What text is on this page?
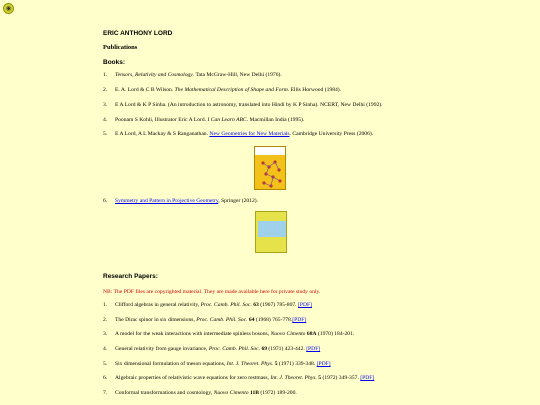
◉
ERIC ANTHONY LORD
Publications
Books:
1. Tensors, Relativity and Cosmology. Tata McGraw-Hill, New Delhi (1976).
2. E. A. Lord & C B Wilson. The Mathematical Description of Shape and Form. Ellis Horwood (1984).
3. E A Lord & K P Sinha. (An introduction to astronomy, translated into Hindi by K P Sinha). NCERT, New Delhi (1992).
4. Poonam S Kohli, Illustrator Eric A Lord. I Can Learn ABC. Macmillan India (1995).
5. E A Lord, A L Mackay & S Ranganathan. New Geometries for New Materials. Cambridge University Press (2006).
6. Symmetry and Pattern in Projective Geometry, Springer (2012).
Research Papers:
NB: The PDF files are copyrighted material. They are made available here for private study only.
1. Clifford algebras in general relativity, Proc. Camb. Phil. Soc. 63 (1967) 785-807. [PDF]
2. The Dirac spinor in six dimensions, Proc. Camb. Phil. Soc. 64 (1968) 765-778.[PDF]
3. A model for the weak interactions with intermediate spinless bosons, Nuovo Cimento 68A (1970) 184-201.
4. General relativity from gauge invariance, Proc. Camb. Phil. Soc. 69 (1971) 423-442. [PDF]
5. Six dimensional formulation of meson equations, Int. J. Theoret. Phys. 5 (1971) 339-348. [PDF]
6. Algebraic properties of relativistic wave equations for zero restmass, Int. J. Theoret. Phys. 5 (1972) 349-357. [PDF]
7. Conformal transformations and cosmology, Nuovo Cimento 11B (1972) 189-200.
